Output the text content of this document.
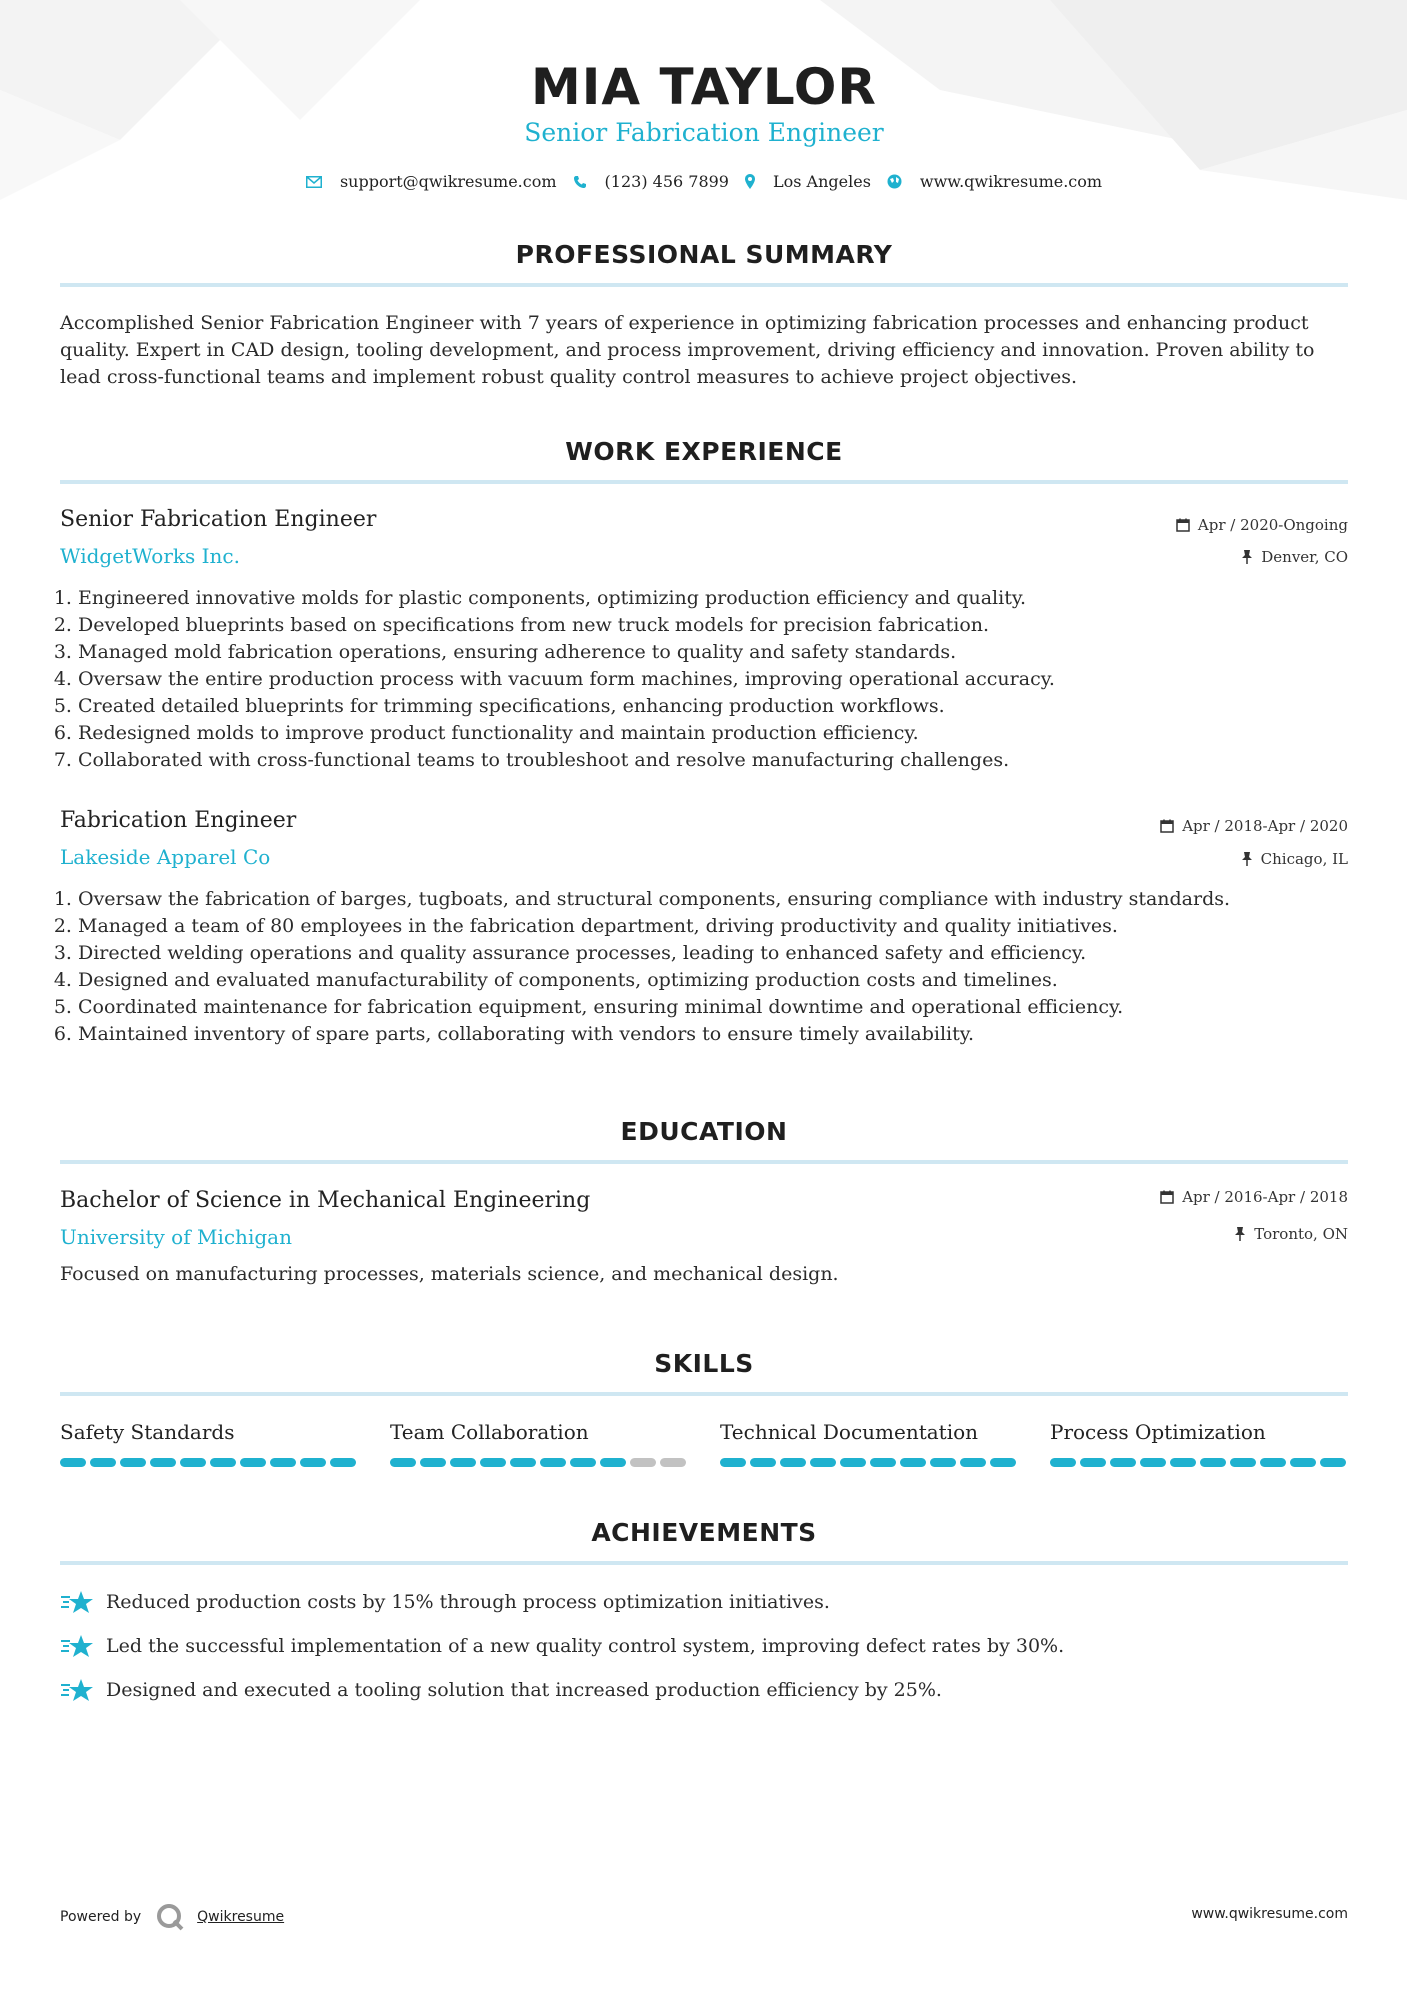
MIA TAYLOR
Senior Fabrication Engineer
support@qwikresume.com	(123) 456 7899	Los Angeles	www.qwikresume.com
PROFESSIONAL SUMMARY

Accomplished Senior Fabrication Engineer with 7 years of experience in optimizing fabrication processes and enhancing product quality. Expert in CAD design, tooling development, and process improvement, driving efficiency and innovation. Proven ability to lead cross-functional teams and implement robust quality control measures to achieve project objectives.

WORK EXPERIENCE
Senior Fabrication Engineer
WidgetWorks Inc.
Apr / 2020-Ongoing
Denver, CO
1. Engineered innovative molds for plastic components, optimizing production efficiency and quality.
2. Developed blueprints based on specifications from new truck models for precision fabrication.
3. Managed mold fabrication operations, ensuring adherence to quality and safety standards.
4. Oversaw the entire production process with vacuum form machines, improving operational accuracy.
5. Created detailed blueprints for trimming specifications, enhancing production workflows.
6. Redesigned molds to improve product functionality and maintain production efficiency.
7. Collaborated with cross-functional teams to troubleshoot and resolve manufacturing challenges.
Fabrication Engineer
Lakeside Apparel Co
Apr / 2018-Apr / 2020
Chicago, IL
1. Oversaw the fabrication of barges, tugboats, and structural components, ensuring compliance with industry standards.
2. Managed a team of 80 employees in the fabrication department, driving productivity and quality initiatives.
3. Directed welding operations and quality assurance processes, leading to enhanced safety and efficiency.
4. Designed and evaluated manufacturability of components, optimizing production costs and timelines.
5. Coordinated maintenance for fabrication equipment, ensuring minimal downtime and operational efficiency.
6. Maintained inventory of spare parts, collaborating with vendors to ensure timely availability.
EDUCATION
Bachelor of Science in Mechanical Engineering
University of Michigan
Apr / 2016-Apr / 2018
Toronto, ON
Focused on manufacturing processes, materials science, and mechanical design.
SKILLS
Safety Standards	Team Collaboration	Technical Documentation	Process Optimization
ACHIEVEMENTS
Reduced production costs by 15% through process optimization initiatives.
Led the successful implementation of a new quality control system, improving defect rates by 30%.
Designed and executed a tooling solution that increased production efficiency by 25%.
Powered by	Qwikresume	www.qwikresume.com
